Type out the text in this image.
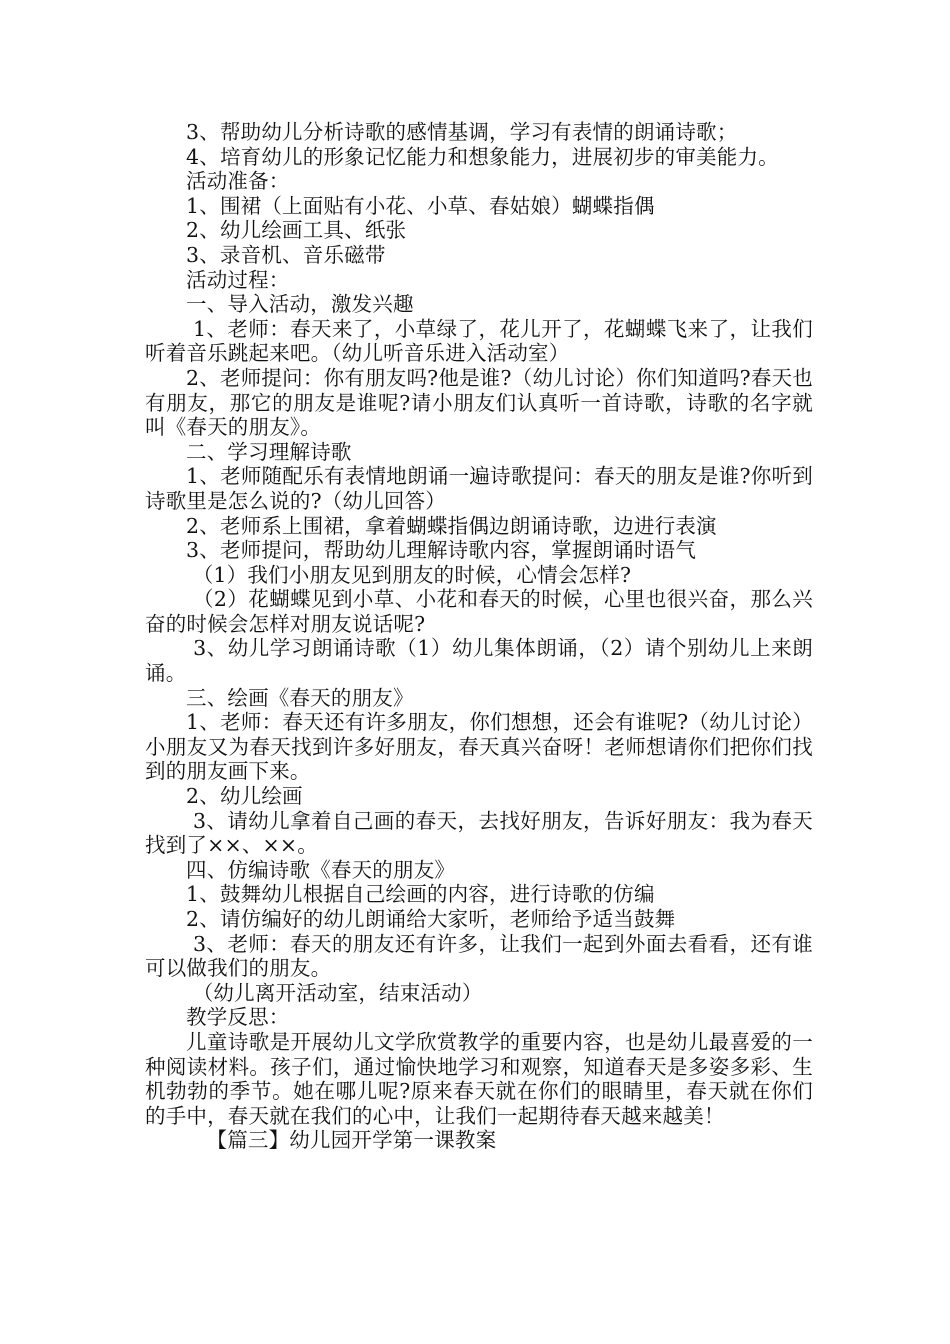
3、帮助幼儿分析诗歌的感情基调，学习有表情的朗诵诗歌；

4、培育幼儿的形象记忆能力和想象能力，进展初步的审美能力。

活动准备：

1、围裙（上面贴有小花、小草、春姑娘）蝴蝶指偶

2、幼儿绘画工具、纸张

3、录音机、音乐磁带

活动过程：

一、导入活动，激发兴趣

1、老师：春天来了，小草绿了，花儿开了，花蝴蝶飞来了，让我们听着音乐跳起来吧。（幼儿听音乐进入活动室）

2、老师提问：你有朋友吗?他是谁?（幼儿讨论）你们知道吗?春天也有朋友，那它的朋友是谁呢?请小朋友们认真听一首诗歌，诗歌的名字就叫《春天的朋友》。

二、学习理解诗歌

1、老师随配乐有表情地朗诵一遍诗歌提问：春天的朋友是谁?你听到诗歌里是怎么说的?（幼儿回答）

2、老师系上围裙，拿着蝴蝶指偶边朗诵诗歌，边进行表演

3、老师提问，帮助幼儿理解诗歌内容，掌握朗诵时语气

（1）我们小朋友见到朋友的时候，心情会怎样?

（2）花蝴蝶见到小草、小花和春天的时候，心里也很兴奋，那么兴奋的时候会怎样对朋友说话呢?

3、幼儿学习朗诵诗歌（1）幼儿集体朗诵，（2）请个别幼儿上来朗诵。

三、绘画《春天的朋友》

1、老师：春天还有许多朋友，你们想想，还会有谁呢?（幼儿讨论）小朋友又为春天找到许多好朋友，春天真兴奋呀！老师想请你们把你们找到的朋友画下来。

2、幼儿绘画

3、请幼儿拿着自己画的春天，去找好朋友，告诉好朋友：我为春天找到了××、××。

四、仿编诗歌《春天的朋友》

1、鼓舞幼儿根据自己绘画的内容，进行诗歌的仿编

2、请仿编好的幼儿朗诵给大家听，老师给予适当鼓舞

3、老师：春天的朋友还有许多，让我们一起到外面去看看，还有谁可以做我们的朋友。

（幼儿离开活动室，结束活动）

教学反思：

儿童诗歌是开展幼儿文学欣赏教学的重要内容，也是幼儿最喜爱的一种阅读材料。孩子们，通过愉快地学习和观察，知道春天是多姿多彩、生机勃勃的季节。她在哪儿呢?原来春天就在你们的眼睛里，春天就在你们的手中，春天就在我们的心中，让我们一起期待春天越来越美！

【篇三】幼儿园开学第一课教案
